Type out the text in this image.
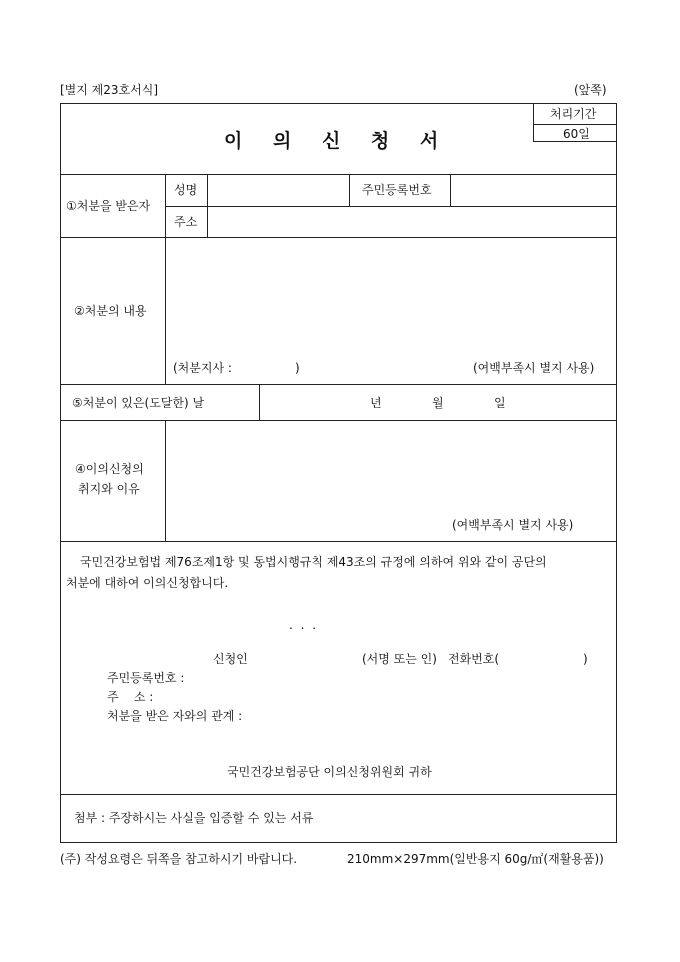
[별지 제23호서식]	(앞쪽)
이 의 신 청 서
처리기간
60일
①처분을 받은자
성명	주민등록번호
주소
②처분의 내용
(처분지사 :	)	(여백부족시 별지 사용)
⑤처분이 있은(도달한) 날	년	월	일
④이의신청의
취지와 이유
(여백부족시 별지 사용)
국민건강보험법 제76조제1항 및 동법시행규칙 제43조의 규정에 의하여 위와 같이 공단의
처분에 대하여 이의신청합니다.
. . .
신청인	(서명 또는 인) 전화번호(	)
주민등록번호 :
주    소 :
처분을 받은 자와의 관계 :
국민건강보험공단 이의신청위원회 귀하
첨부 : 주장하시는 사실을 입증할 수 있는 서류
(주) 작성요령은 뒤쪽을 참고하시기 바랍니다.	210mm×297mm(일반용지 60g/㎡(재활용품))
